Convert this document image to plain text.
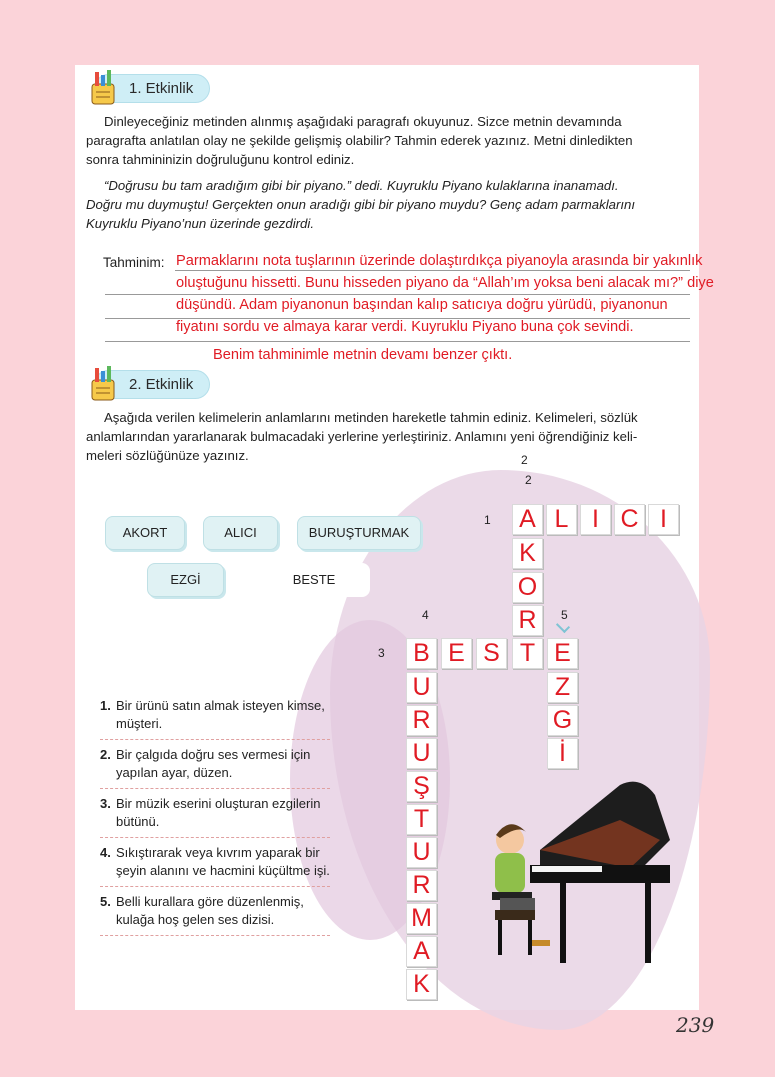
1. Etkinlik
Dinleyeceğiniz metinden alınmış aşağıdaki paragrafı okuyunuz. Sizce metnin devamında
paragrafta anlatılan olay ne şekilde gelişmiş olabilir? Tahmin ederek yazınız. Metni dinledikten
sonra tahmininizin doğruluğunu kontrol ediniz.
“Doğrusu bu tam aradığım gibi bir piyano.” dedi. Kuyruklu Piyano kulaklarına inanamadı.
Doğru mu duymuştu! Gerçekten onun aradığı gibi bir piyano muydu? Genç adam parmaklarını
Kuyruklu Piyano’nun üzerinde gezdirdi.
Tahminim: Parmaklarını nota tuşlarının üzerinde dolaştırdıkça piyanoyla arasında bir yakınlık
oluştuğunu hissetti. Bunu hisseden piyano da “Allah’ım yoksa beni alacak mı?” diye
düşündü. Adam piyanonun başından kalıp satıcıya doğru yürüdü, piyanonun
fiyatını sordu ve almaya karar verdi. Kuyruklu Piyano buna çok sevindi.
Benim tahminimle metnin devamı benzer çıktı.
2. Etkinlik
Aşağıda verilen kelimelerin anlamlarını metinden hareketle tahmin ediniz. Kelimeleri, sözlük
anlamlarından yararlanarak bulmacadaki yerlerine yerleştiriniz. Anlamını yeni öğrendiğiniz keli-
meleri sözlüğünüze yazınız.
AKORT	ALICI	BURUŞTURMAK
EZGİ	BESTE
1. Bir ürünü satın almak isteyen kimse, müşteri.
2. Bir çalgıda doğru ses vermesi için yapılan ayar, düzen.
3. Bir müzik eserini oluşturan ezgilerin bütünü.
4. Sıkıştırarak veya kıvrım yaparak bir şeyin alanını ve hacmini küçültme işi.
5. Belli kurallara göre düzenlenmiş, kulağa hoş gelen ses dizisi.
2
2
1
4	5
3
A L I C I
K
O
R
T
B E S E
U
R
U
Ş
T
U
R
M
A
K
Z
G
İ
239
